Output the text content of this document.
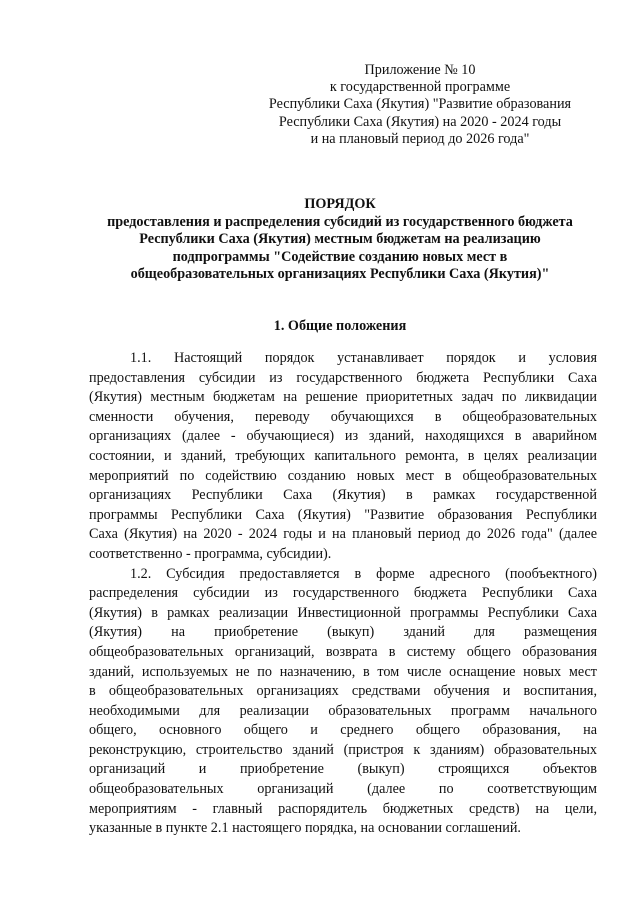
Приложение № 10
к государственной программе
Республики Саха (Якутия) "Развитие образования
Республики Саха (Якутия) на 2020 - 2024 годы
и на плановый период до 2026 года"
ПОРЯДОК
предоставления и распределения субсидий из государственного бюджета
Республики Саха (Якутия) местным бюджетам на реализацию
подпрограммы "Содействие созданию новых мест в
общеобразовательных организациях Республики Саха (Якутия)"
1. Общие положения

1.1. Настоящий порядок устанавливает порядок и условия

предоставления субсидии из государственного бюджета Республики Саха

(Якутия) местным бюджетам на решение приоритетных задач по ликвидации

сменности обучения, переводу обучающихся в общеобразовательных

организациях (далее - обучающиеся) из зданий, находящихся в аварийном

состоянии, и зданий, требующих капитального ремонта, в целях реализации

мероприятий по содействию созданию новых мест в общеобразовательных

организациях Республики Саха (Якутия) в рамках государственной

программы Республики Саха (Якутия) "Развитие образования Республики

Саха (Якутия) на 2020 - 2024 годы и на плановый период до 2026 года" (далее

соответственно - программа, субсидии).

1.2. Субсидия предоставляется в форме адресного (пообъектного)

распределения субсидии из государственного бюджета Республики Саха

(Якутия) в рамках реализации Инвестиционной программы Республики Саха

(Якутия) на приобретение (выкуп) зданий для размещения

общеобразовательных организаций, возврата в систему общего образования

зданий, используемых не по назначению, в том числе оснащение новых мест

в общеобразовательных организациях средствами обучения и воспитания,

необходимыми для реализации образовательных программ начального

общего, основного общего и среднего общего образования, на

реконструкцию, строительство зданий (пристроя к зданиям) образовательных

организаций и приобретение (выкуп) строящихся объектов

общеобразовательных организаций (далее по соответствующим

мероприятиям - главный распорядитель бюджетных средств) на цели,

указанные в пункте 2.1 настоящего порядка, на основании соглашений.
